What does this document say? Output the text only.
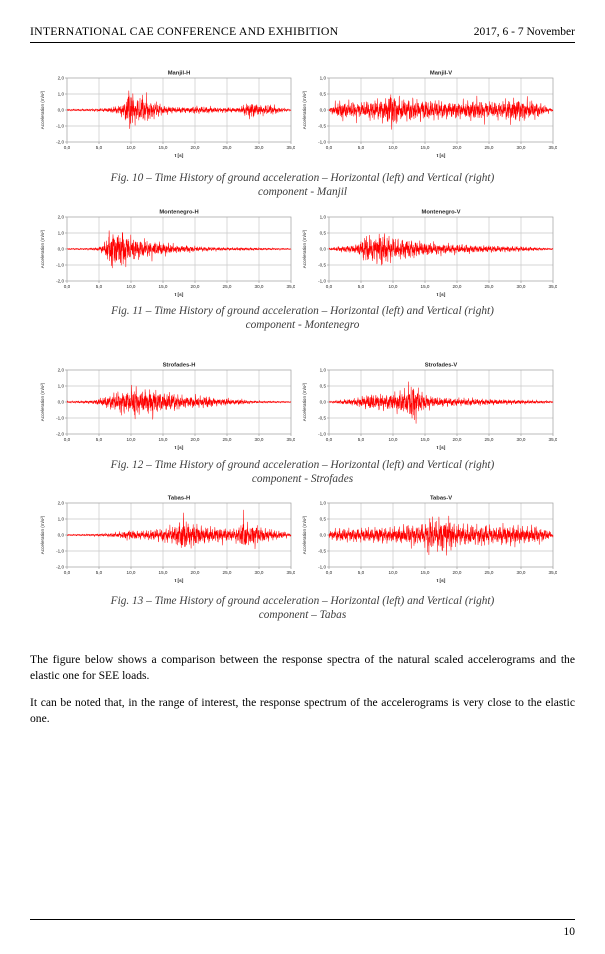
INTERNATIONAL CAE CONFERENCE AND EXHIBITION	2017, 6 - 7 November
Manjil-H
Acceleration (m/s²)
2,0
1,0
0,0
-1,0
-2,0
0,0	5,0	10,0	15,0	20,0	25,0	30,0	35,0
t [s]
Manjil-V
Acceleration (m/s²)
1,0
0,5
0,0
-0,5
-1,0
0,0	5,0	10,0	15,0	20,0	25,0	30,0	35,0
t [s]
Fig. 10 – Time History of ground acceleration – Horizontal (left) and Vertical (right)
component - Manjil
Montenegro-H
Acceleration (m/s²)
2,0
1,0
0,0
-1,0
-2,0
0,0	5,0	10,0	15,0	20,0	25,0	30,0	35,0
t [s]
Montenegro-V
Acceleration (m/s²)
1,0
0,5
0,0
-0,5
-1,0
0,0	5,0	10,0	15,0	20,0	25,0	30,0	35,0
t [s]
Fig. 11 – Time History of ground acceleration – Horizontal (left) and Vertical (right)
component - Montenegro
Strofades-H
Acceleration (m/s²)
2,0
1,0
0,0
-1,0
-2,0
0,0	5,0	10,0	15,0	20,0	25,0	30,0	35,0
t [s]
Strofades-V
Acceleration (m/s²)
1,0
0,5
0,0
-0,5
-1,0
0,0	5,0	10,0	15,0	20,0	25,0	30,0	35,0
t [s]
Fig. 12 – Time History of ground acceleration – Horizontal (left) and Vertical (right)
component - Strofades
Tabas-H
Acceleration (m/s²)
2,0
1,0
0,0
-1,0
-2,0
0,0	5,0	10,0	15,0	20,0	25,0	30,0	35,0
t [s]
Tabas-V
Acceleration (m/s²)
1,0
0,5
0,0
-0,5
-1,0
0,0	5,0	10,0	15,0	20,0	25,0	30,0	35,0
t [s]
Fig. 13 – Time History of ground acceleration – Horizontal (left) and Vertical (right)
component – Tabas

The figure below shows a comparison between the response spectra of the natural scaled accelerograms and the elastic one for SEE loads.

It can be noted that, in the range of interest, the response spectrum of the accelerograms is very close to the elastic one.

10
